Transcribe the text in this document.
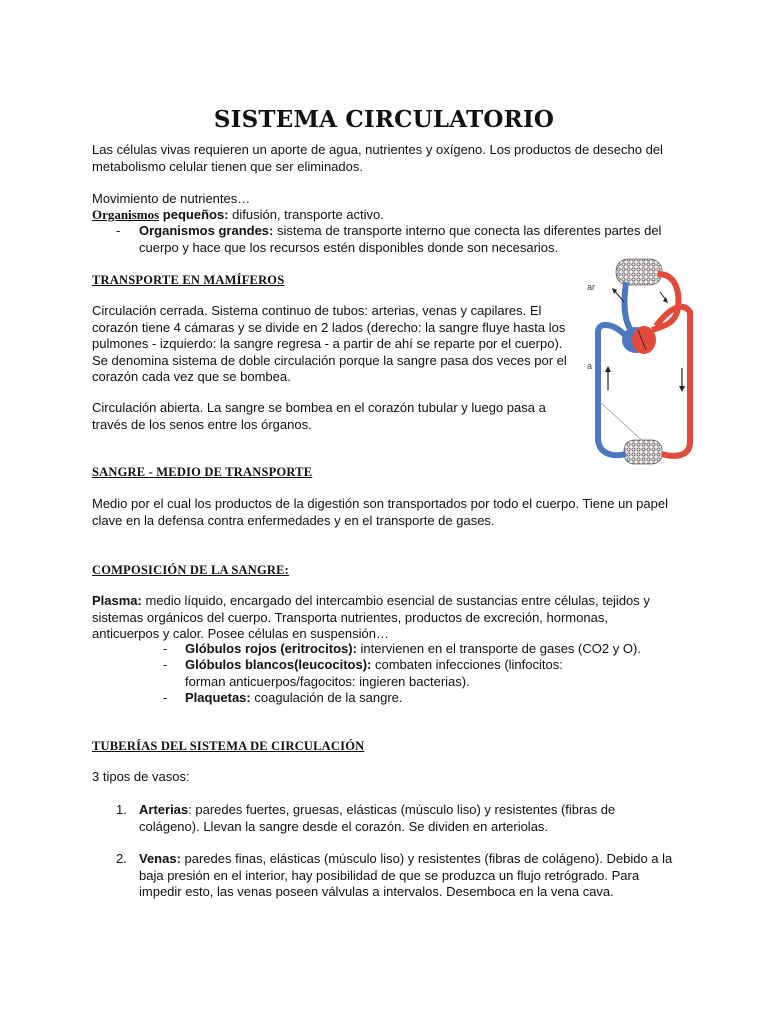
SISTEMA CIRCULATORIO

Las células vivas requieren un aporte de agua, nutrientes y oxígeno. Los productos de desecho del metabolismo celular tienen que ser eliminados.

Movimiento de nutrientes…

Organismos pequeños: difusión, transporte activo.

- Organismos grandes: sistema de transporte interno que conecta las diferentes partes del cuerpo y hace que los recursos estén disponibles donde son necesarios.

TRANSPORTE EN MAMÍFEROS

Circulación cerrada. Sistema continuo de tubos: arterias, venas y capilares. El corazón tiene 4 cámaras y se divide en 2 lados (derecho: la sangre fluye hasta los pulmones - izquierdo: la sangre regresa - a partir de ahí se reparte por el cuerpo). Se denomina sistema de doble circulación porque la sangre pasa dos veces por el corazón cada vez que se bombea.

Circulación abierta. La sangre se bombea en el corazón tubular y luego pasa a través de los senos entre los órganos.

ar
a
SANGRE - MEDIO DE TRANSPORTE

Medio por el cual los productos de la digestión son transportados por todo el cuerpo. Tiene un papel clave en la defensa contra enfermedades y en el transporte de gases.

COMPOSICIÓN DE LA SANGRE:

Plasma: medio líquido, encargado del intercambio esencial de sustancias entre células, tejidos y sistemas orgánicos del cuerpo. Transporta nutrientes, productos de excreción, hormonas, anticuerpos y calor. Posee células en suspensión…

- Glóbulos rojos (eritrocitos): intervienen en el transporte de gases (CO2 y O).

- Glóbulos blancos(leucocitos): combaten infecciones (linfocitos: forman anticuerpos/fagocitos: ingieren bacterias).

- Plaquetas: coagulación de la sangre.

TUBERÍAS DEL SISTEMA DE CIRCULACIÓN

3 tipos de vasos:

1. Arterias: paredes fuertes, gruesas, elásticas (músculo liso) y resistentes (fibras de colágeno). Llevan la sangre desde el corazón. Se dividen en arteriolas.

2. Venas: paredes finas, elásticas (músculo liso) y resistentes (fibras de colágeno). Debido a la baja presión en el interior, hay posibilidad de que se produzca un flujo retrógrado. Para impedir esto, las venas poseen válvulas a intervalos. Desemboca en la vena cava.
